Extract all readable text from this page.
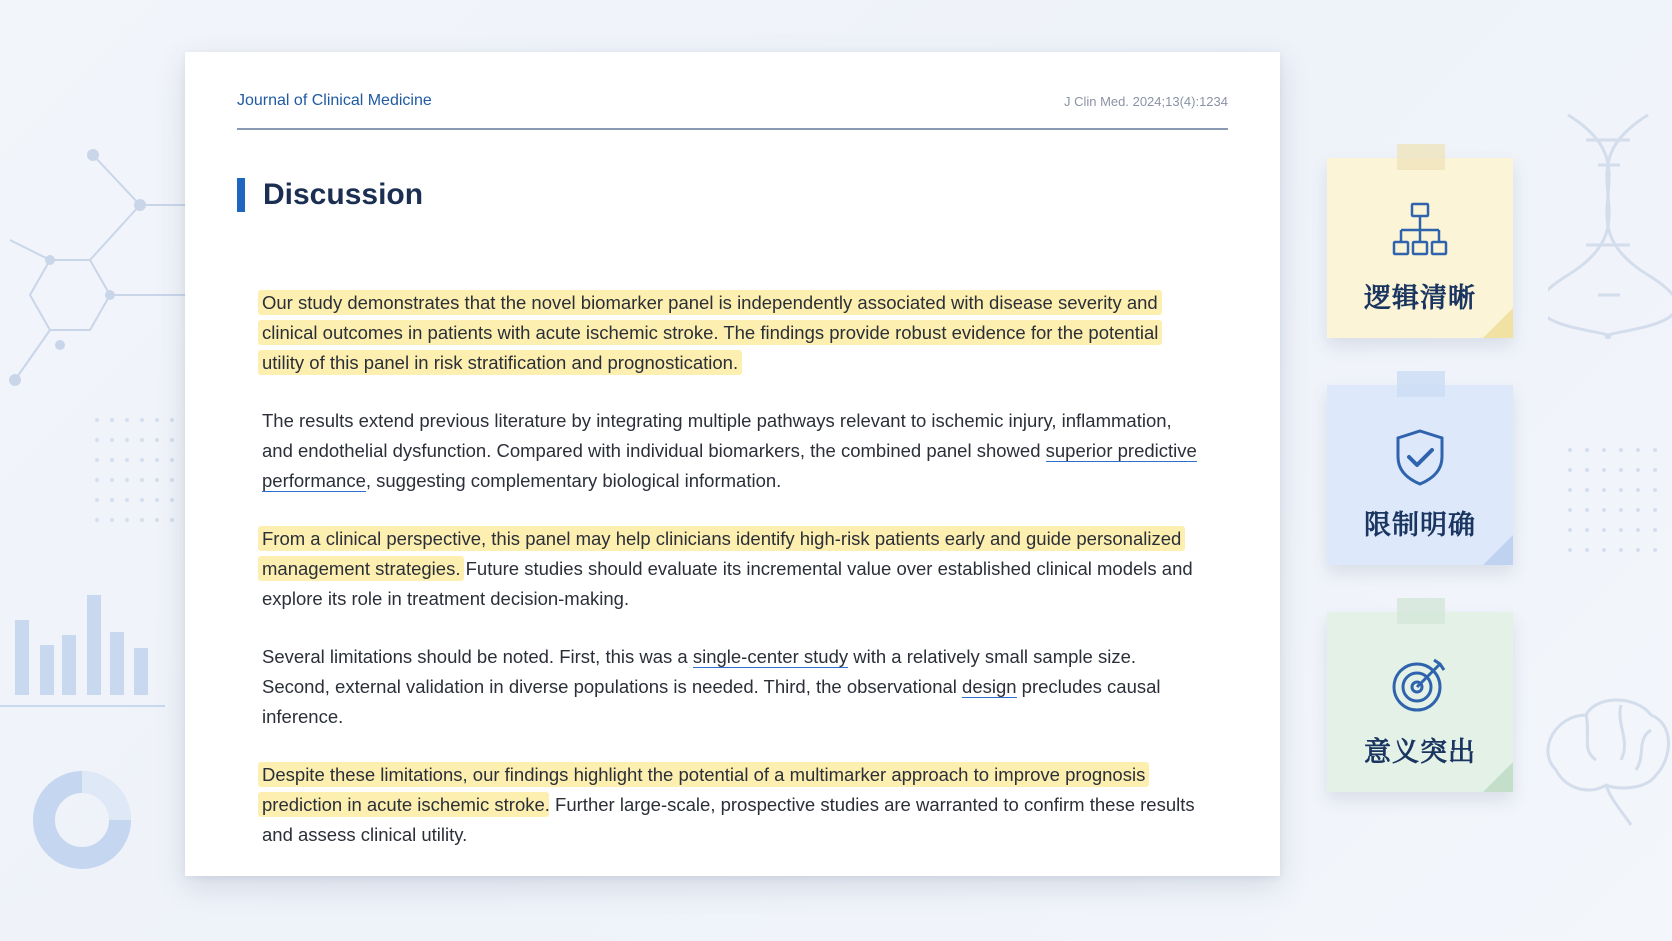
Journal of Clinical Medicine	J Clin Med. 2024;13(4):1234
Discussion

Our study demonstrates that the novel biomarker panel is independently associated with disease severity and clinical outcomes in patients with acute ischemic stroke. The findings provide robust evidence for the potential utility of this panel in risk stratification and prognostication.

The results extend previous literature by integrating multiple pathways relevant to ischemic injury, inflammation, and endothelial dysfunction. Compared with individual biomarkers, the combined panel showed superior predictive performance, suggesting complementary biological information.

From a clinical perspective, this panel may help clinicians identify high-risk patients early and guide personalized management strategies. Future studies should evaluate its incremental value over established clinical models and explore its role in treatment decision-making.

Several limitations should be noted. First, this was a single-center study with a relatively small sample size. Second, external validation in diverse populations is needed. Third, the observational design precludes causal inference.

Despite these limitations, our findings highlight the potential of a multimarker approach to improve prognosis prediction in acute ischemic stroke. Further large-scale, prospective studies are warranted to confirm these results and assess clinical utility.

逻辑清晰
限制明确
意义突出
